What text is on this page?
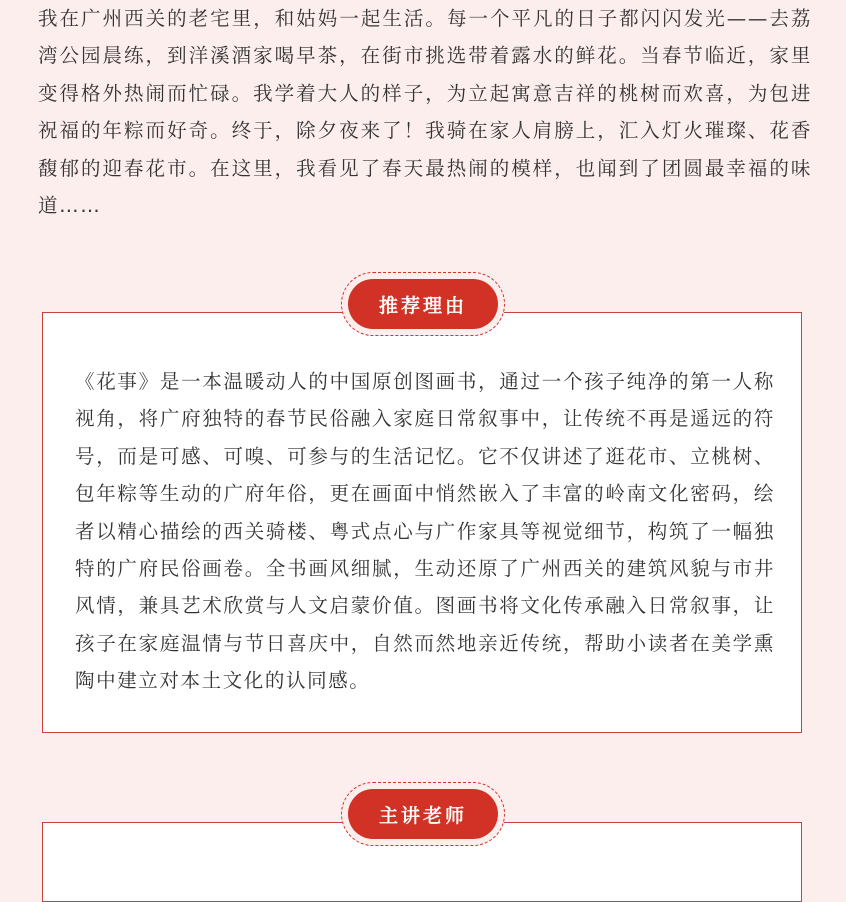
我在广州西关的老宅里，和姑妈一起生活。每一个平凡的日子都闪闪发光——去荔湾公园晨练，到洋溪酒家喝早茶，在街市挑选带着露水的鲜花。当春节临近，家里变得格外热闹而忙碌。我学着大人的样子，为立起寓意吉祥的桃树而欢喜，为包进祝福的年粽而好奇。终于，除夕夜来了！我骑在家人肩膀上，汇入灯火璀璨、花香馥郁的迎春花市。在这里，我看见了春天最热闹的模样，也闻到了团圆最幸福的味道……

推荐理由

《花事》是一本温暖动人的中国原创图画书，通过一个孩子纯净的第一人称视角，将广府独特的春节民俗融入家庭日常叙事中，让传统不再是遥远的符号，而是可感、可嗅、可参与的生活记忆。它不仅讲述了逛花市、立桃树、包年粽等生动的广府年俗，更在画面中悄然嵌入了丰富的岭南文化密码，绘者以精心描绘的西关骑楼、粤式点心与广作家具等视觉细节，构筑了一幅独特的广府民俗画卷。全书画风细腻，生动还原了广州西关的建筑风貌与市井风情，兼具艺术欣赏与人文启蒙价值。图画书将文化传承融入日常叙事，让孩子在家庭温情与节日喜庆中，自然而然地亲近传统，帮助小读者在美学熏陶中建立对本土文化的认同感。

主讲老师
